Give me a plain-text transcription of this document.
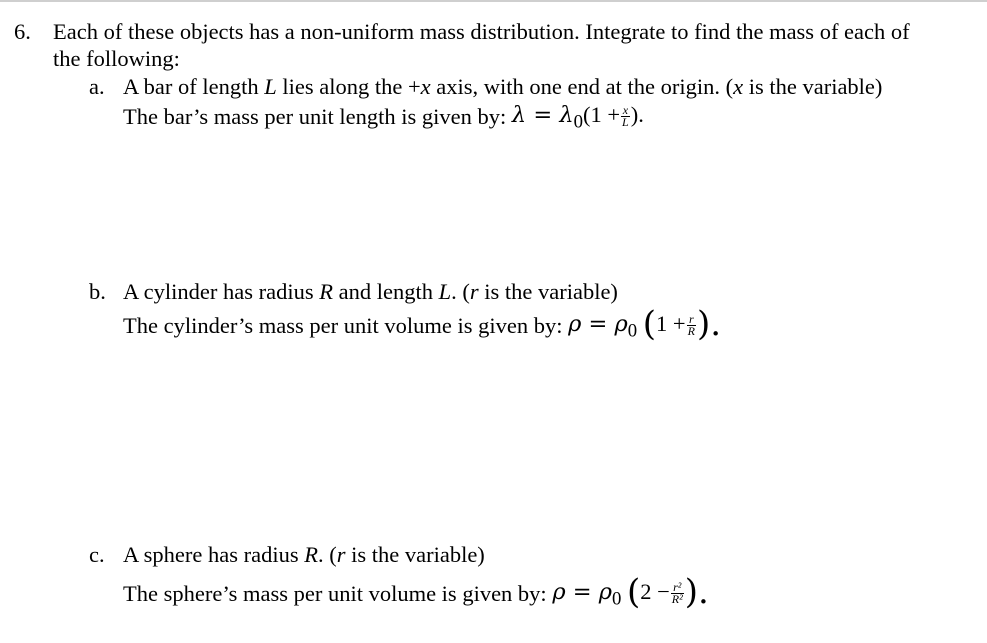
6. Each of these objects has a non-uniform mass distribution. Integrate to find the mass of each of
the following:
a. A bar of length L lies along the +x axis, with one end at the origin. (x is the variable)
The bar’s mass per unit length is given by: $\lambda = \lambda_0(1 + \frac{x}{L}$ ).
b. A cylinder has radius R and length L. (r is the variable)
The cylinder’s mass per unit volume is given by: $\rho = \rho_0$ ($1 + \frac{r}{R}$ ).
c. A sphere has radius R. (r is the variable)
The sphere’s mass per unit volume is given by: $\rho = \rho_0$ ($2 - \frac{\text{r²}}{\text{R²}}$ ).
